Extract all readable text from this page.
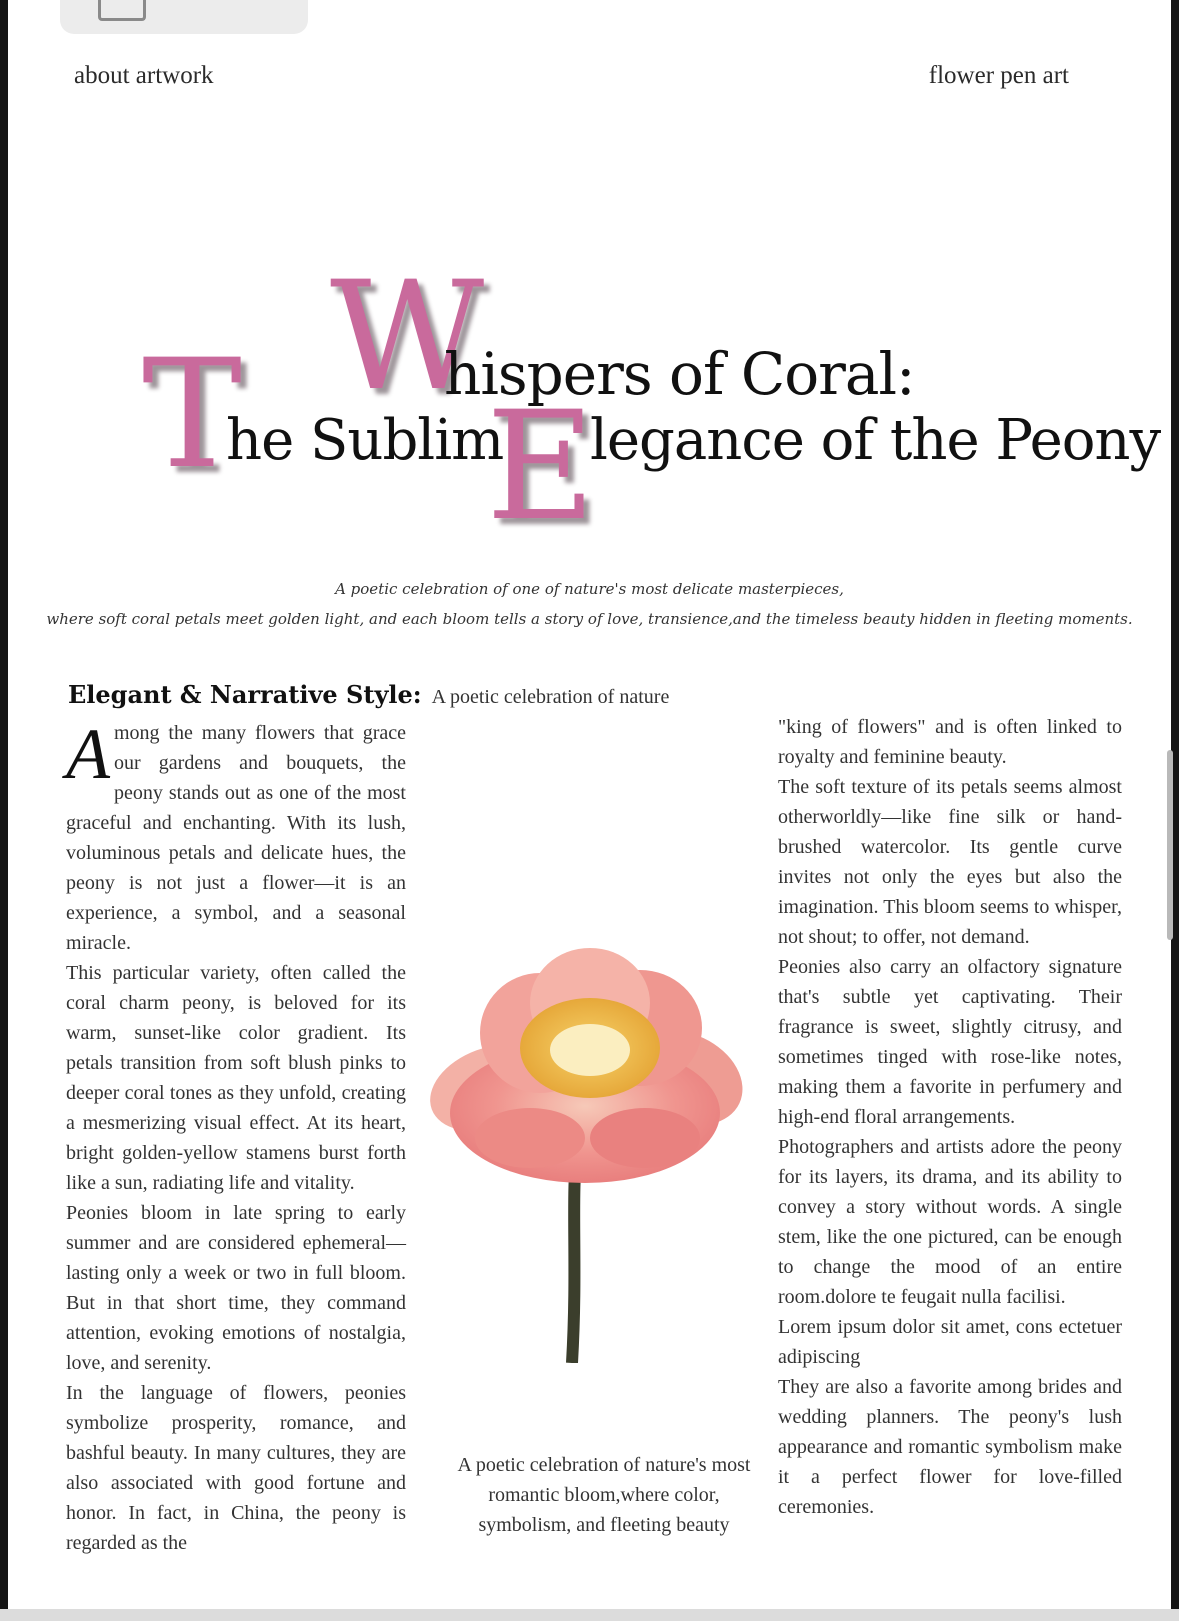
about artwork	flower pen art
W
hispers of Coral:
T
he Sublim
E
legance of the Peony
A poetic celebration of one of nature's most delicate masterpieces,
where soft coral petals meet golden light, and each bloom tells a story of love, transience,and the timeless beauty hidden in fleeting moments.
Elegant & Narrative Style: A poetic celebration of nature

Among the many flowers that grace our gardens and bouquets, the peony stands out as one of the most graceful and enchanting. With its lush, voluminous petals and delicate hues, the peony is not just a flower—it is an experience, a symbol, and a seasonal miracle.

This particular variety, often called the coral charm peony, is beloved for its warm, sunset-like color gradient. Its petals transition from soft blush pinks to deeper coral tones as they unfold, creating a mesmerizing visual effect. At its heart, bright golden-yellow stamens burst forth like a sun, radiating life and vitality.

Peonies bloom in late spring to early summer and are considered ephemeral—lasting only a week or two in full bloom. But in that short time, they command attention, evoking emotions of nostalgia, love, and serenity.

In the language of flowers, peonies symbolize prosperity, romance, and bashful beauty. In many cultures, they are also associated with good fortune and honor. In fact, in China, the peony is regarded as the

A poetic celebration of nature's most romantic bloom,where color, symbolism, and fleeting beauty

"king of flowers" and is often linked to royalty and feminine beauty.

The soft texture of its petals seems almost otherworldly—like fine silk or hand-brushed watercolor. Its gentle curve invites not only the eyes but also the imagination. This bloom seems to whisper, not shout; to offer, not demand.

Peonies also carry an olfactory signature that's subtle yet captivating. Their fragrance is sweet, slightly citrusy, and sometimes tinged with rose-like notes, making them a favorite in perfumery and high-end floral arrangements.

Photographers and artists adore the peony for its layers, its drama, and its ability to convey a story without words. A single stem, like the one pictured, can be enough to change the mood of an entire room.dolore te feugait nulla facilisi.

Lorem ipsum dolor sit amet, cons ectetuer adipiscing

They are also a favorite among brides and wedding planners. The peony's lush appearance and romantic symbolism make it a perfect flower for love-filled ceremonies.
